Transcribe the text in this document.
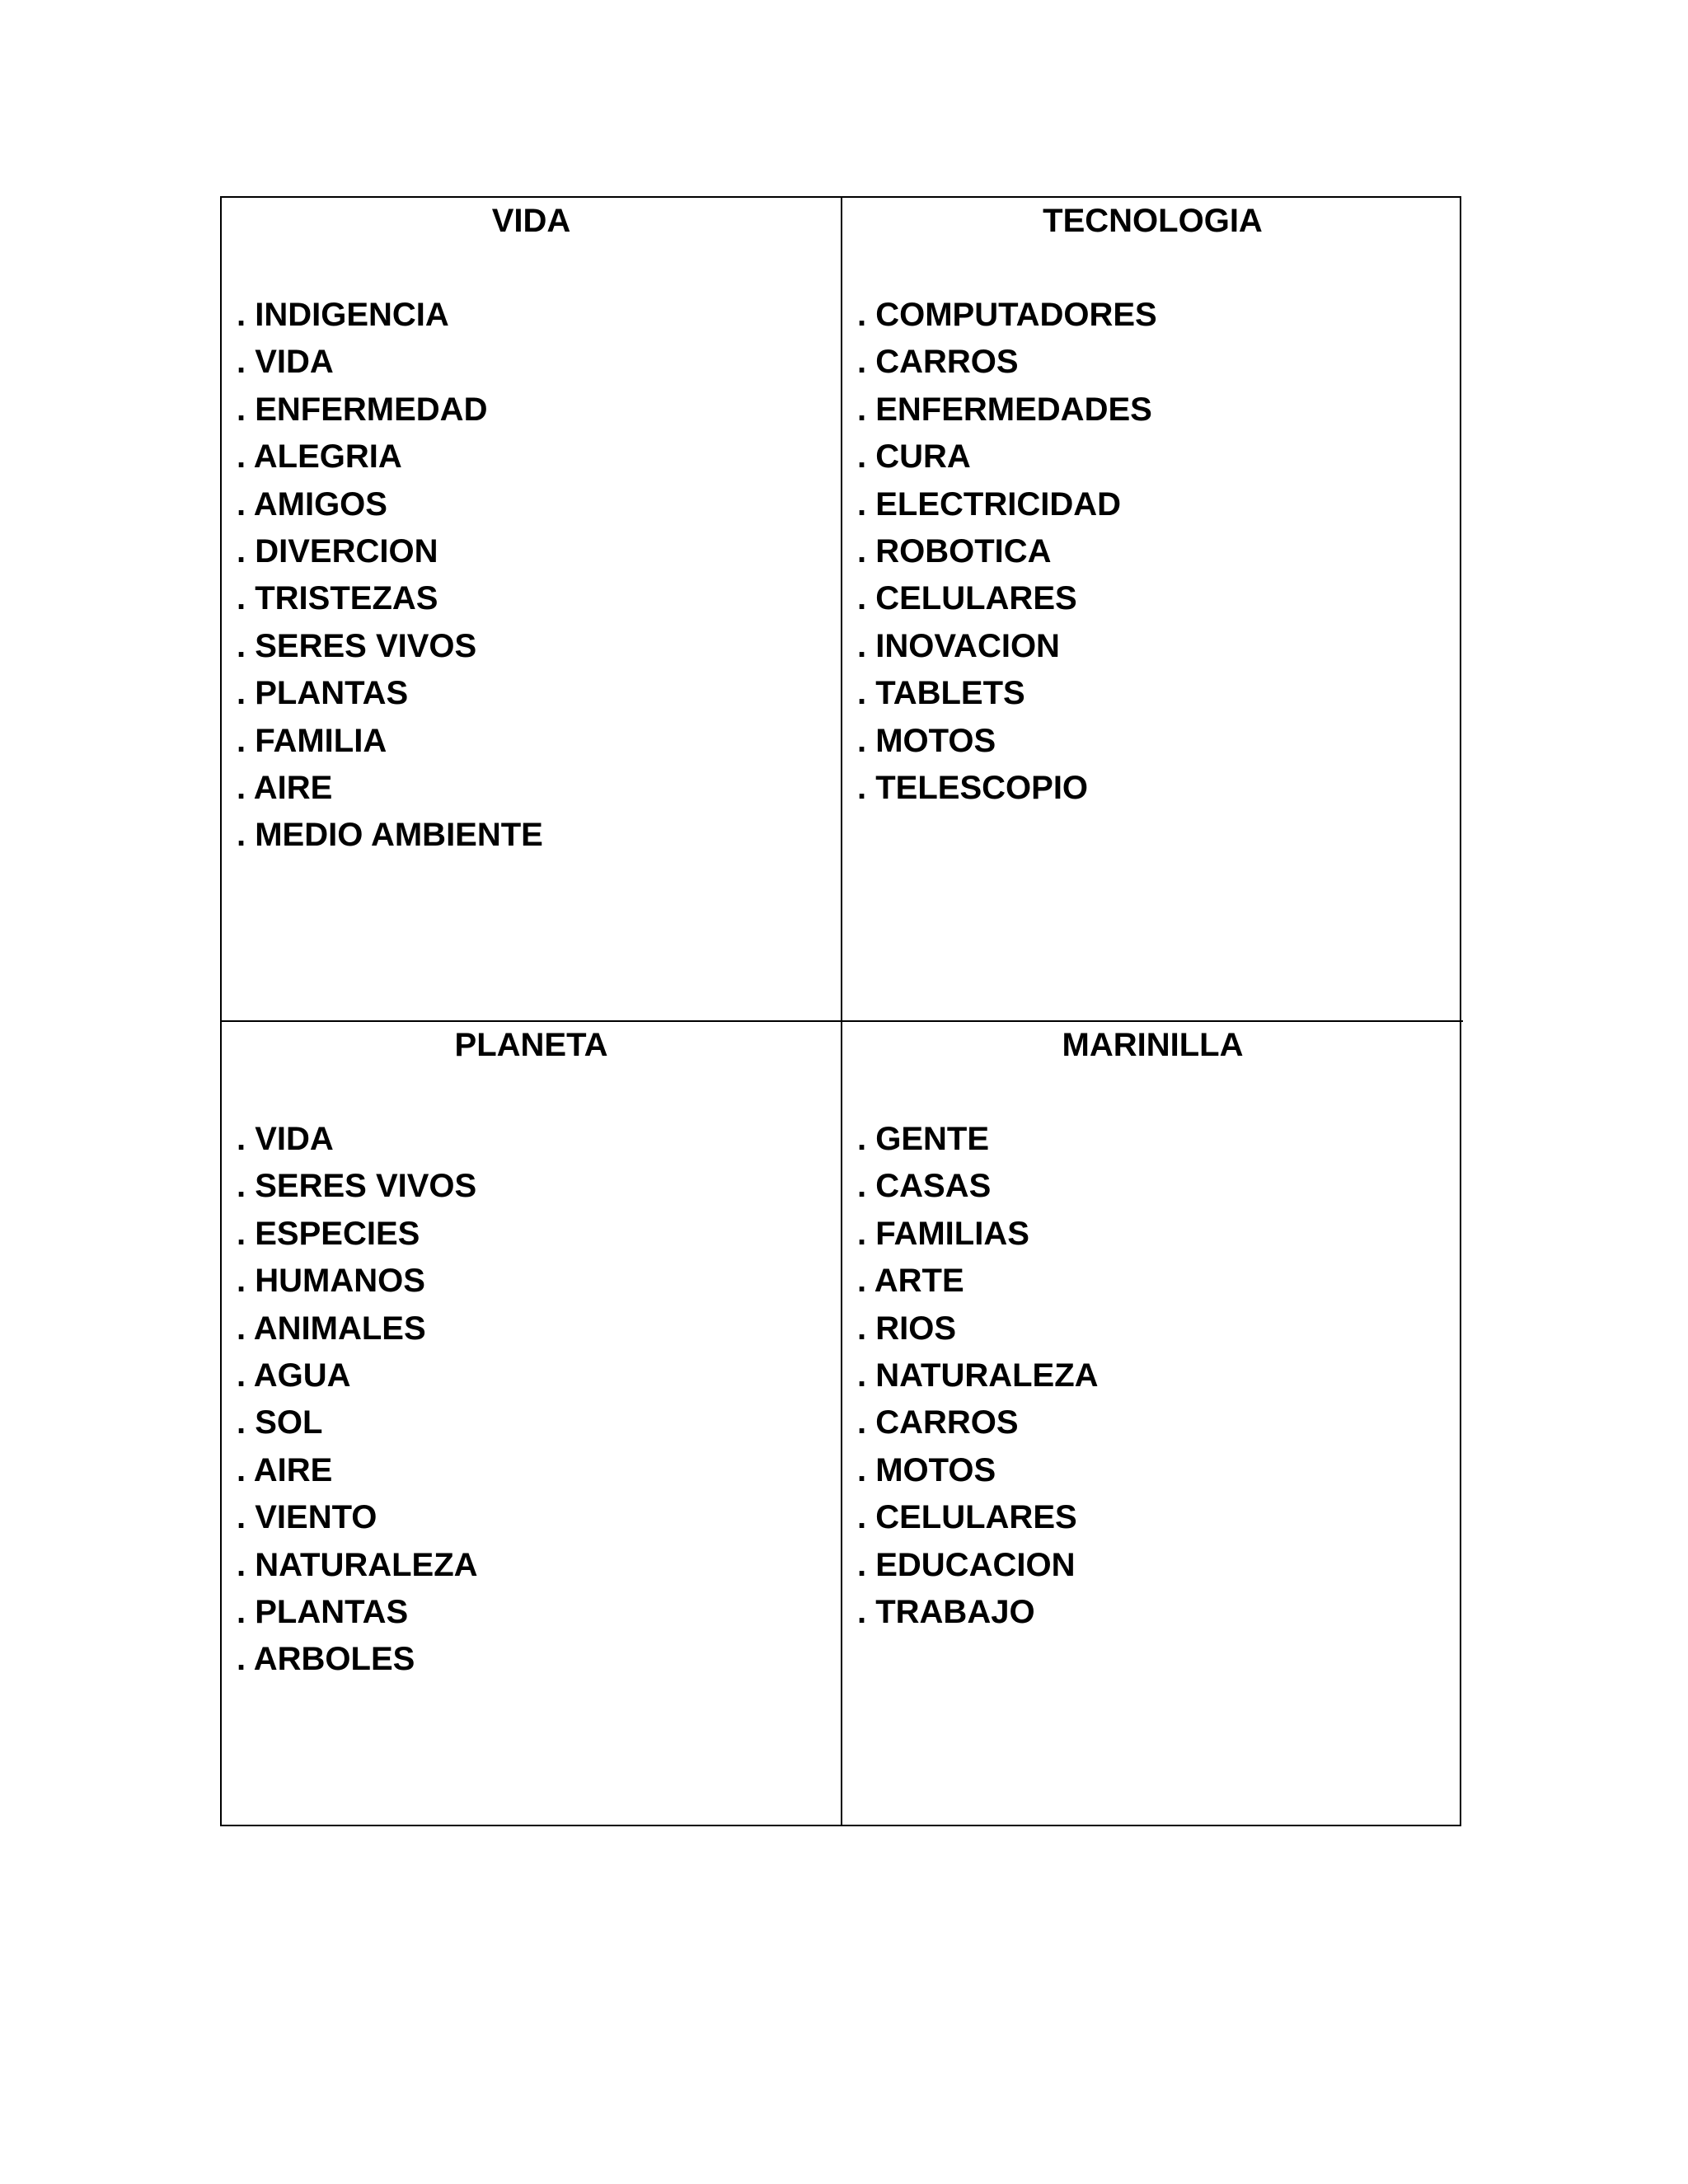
VIDA
. INDIGENCIA
. VIDA
. ENFERMEDAD
. ALEGRIA
. AMIGOS
. DIVERCION
. TRISTEZAS
. SERES VIVOS
. PLANTAS
. FAMILIA
. AIRE
. MEDIO AMBIENTE
TECNOLOGIA
. COMPUTADORES
. CARROS
. ENFERMEDADES
. CURA
. ELECTRICIDAD
. ROBOTICA
. CELULARES
. INOVACION
. TABLETS
. MOTOS
. TELESCOPIO
PLANETA
. VIDA
. SERES VIVOS
. ESPECIES
. HUMANOS
. ANIMALES
. AGUA
. SOL
. AIRE
. VIENTO
. NATURALEZA
. PLANTAS
. ARBOLES
MARINILLA
. GENTE
. CASAS
. FAMILIAS
. ARTE
. RIOS
. NATURALEZA
. CARROS
. MOTOS
. CELULARES
. EDUCACION
. TRABAJO
